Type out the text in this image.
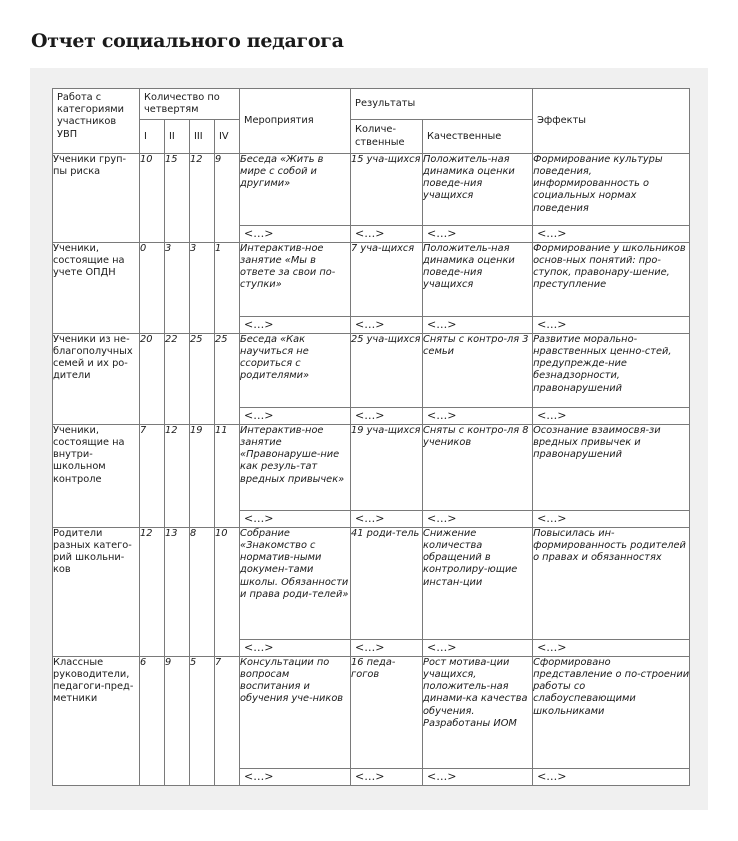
Отчет социального педагога
Работа с категориями участников УВП	Количество по четвертям				Мероприятия	Результаты		Эффекты
	I	II	III	IV		Количе-ственные	Качественные	
Ученики груп-пы риска	10	15	12	9	Беседа «Жить в мире с собой и другими»	15 уча-щихся	Положитель-ная динамика оценки поведе-ния учащихся	Формирование культуры поведения, информированность о социальных нормах поведения
					<…>	<…>	<…>	<…>
Ученики, состоящие на учете ОПДН	0	3	3	1	Интерактив-ное занятие «Мы в ответе за свои по-ступки»	7 уча-щихся	Положитель-ная динамика оценки поведе-ния учащихся	Формирование у школьников основ-ных понятий: про-ступок, правонару-шение, преступление
					<…>	<…>	<…>	<…>
Ученики из не-благополучных семей и их ро-дители	20	22	25	25	Беседа «Как научиться не ссориться с родителями»	25 уча-щихся	Сняты с контро-ля 3 семьи	Развитие морально-нравственных ценно-стей, предупрежде-ние безнадзорности, правонарушений
					<…>	<…>	<…>	<…>
Ученики, состоящие на внутри-школьном контроле	7	12	19	11	Интерактив-ное занятие «Правонаруше-ние как резуль-тат вредных привычек»	19 уча-щихся	Сняты с контро-ля 8 учеников	Осознание взаимосвя-зи вредных привычек и правонарушений
					<…>	<…>	<…>	<…>
Родители разных катего-рий школьни-ков	12	13	8	10	Собрание «Знакомство с норматив-ными докумен-тами школы. Обязанности и права роди-телей»	41 роди-тель	Снижение количества обращений в контролиру-ющие инстан-ции	Повысилась ин-формированность родителей о правах и обязанностях
					<…>	<…>	<…>	<…>
Классные руководители, педагоги-пред-метники	6	9	5	7	Консультации по вопросам воспитания и обучения уче-ников	16 педа-гогов	Рост мотива-ции учащихся, положитель-ная динами-ка качества обучения. Разработаны ИОМ	Сформировано представление о по-строении работы со слабоуспевающими школьниками
					<…>	<…>	<…>	<…>
